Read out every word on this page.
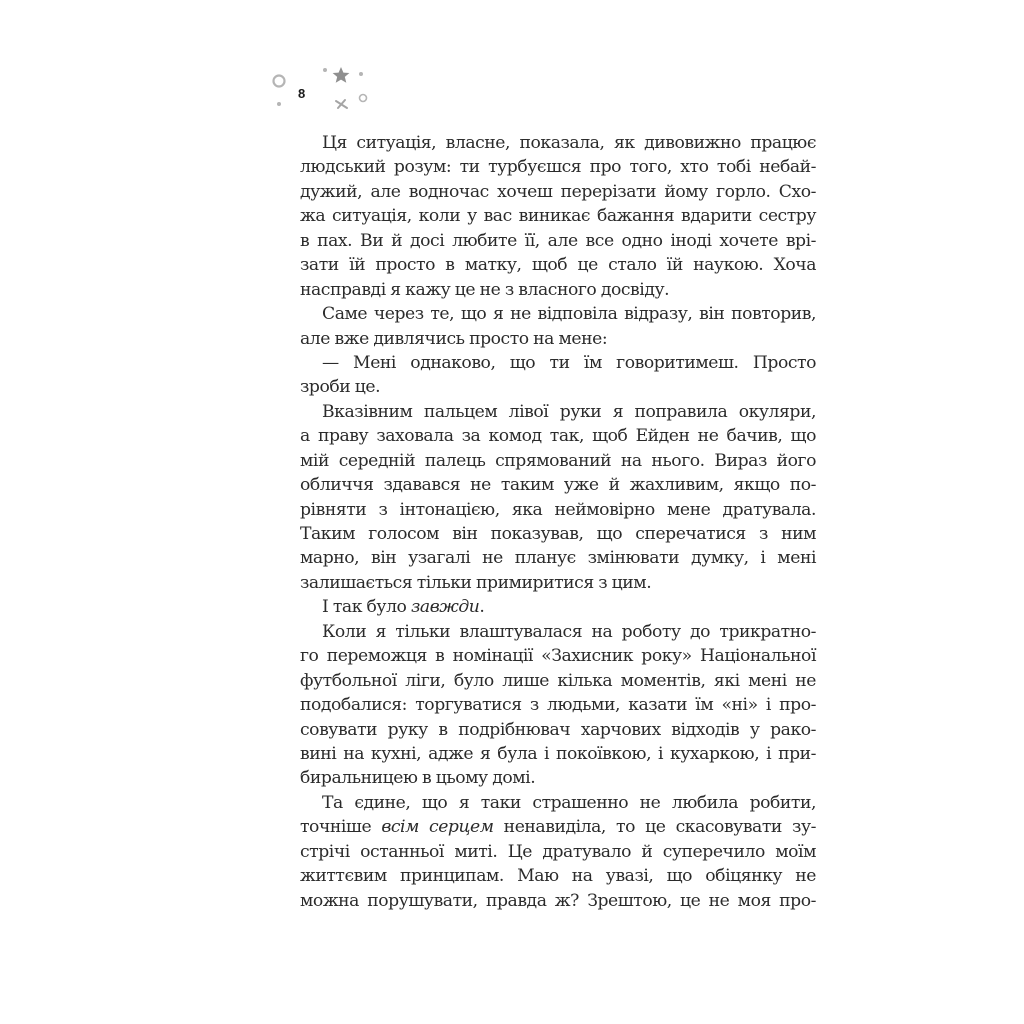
8
Ця ситуація, власне, показала, як дивовижно працює
людський розум: ти турбуєшся про того, хто тобі небай-
дужий, але водночас хочеш перерізати йому горло. Схо-
жа ситуація, коли у вас виникає бажання вдарити сестру
в пах. Ви й досі любите її, але все одно іноді хочете врі-
зати їй просто в матку, щоб це стало їй наукою. Хоча
насправді я кажу це не з власного досвіду.
Саме через те, що я не відповіла відразу, він повторив,
але вже дивлячись просто на мене:
— Мені однаково, що ти їм говоритимеш. Просто
зроби це.
Вказівним пальцем лівої руки я поправила окуляри,
а праву заховала за комод так, щоб Ейден не бачив, що
мій середній палець спрямований на нього. Вираз його
обличчя здавався не таким уже й жахливим, якщо по-
рівняти з інтонацією, яка неймовірно мене дратувала.
Таким голосом він показував, що сперечатися з ним
марно, він узагалі не планує змінювати думку, і мені
залишається тільки примиритися з цим.
І так було завжди.
Коли я тільки влаштувалася на роботу до трикратно-
го переможця в номінації «Захисник року» Національної
футбольної ліги, було лише кілька моментів, які мені не
подобалися: торгуватися з людьми, казати їм «ні» і про-
совувати руку в подрібнювач харчових відходів у рако-
вині на кухні, адже я була і покоївкою, і кухаркою, і при-
биральницею в цьому домі.
Та єдине, що я таки страшенно не любила робити,
точніше всім серцем ненавиділа, то це скасовувати зу-
стрічі останньої миті. Це дратувало й суперечило моїм
життєвим принципам. Маю на увазі, що обіцянку не
можна порушувати, правда ж? Зрештою, це не моя про-
